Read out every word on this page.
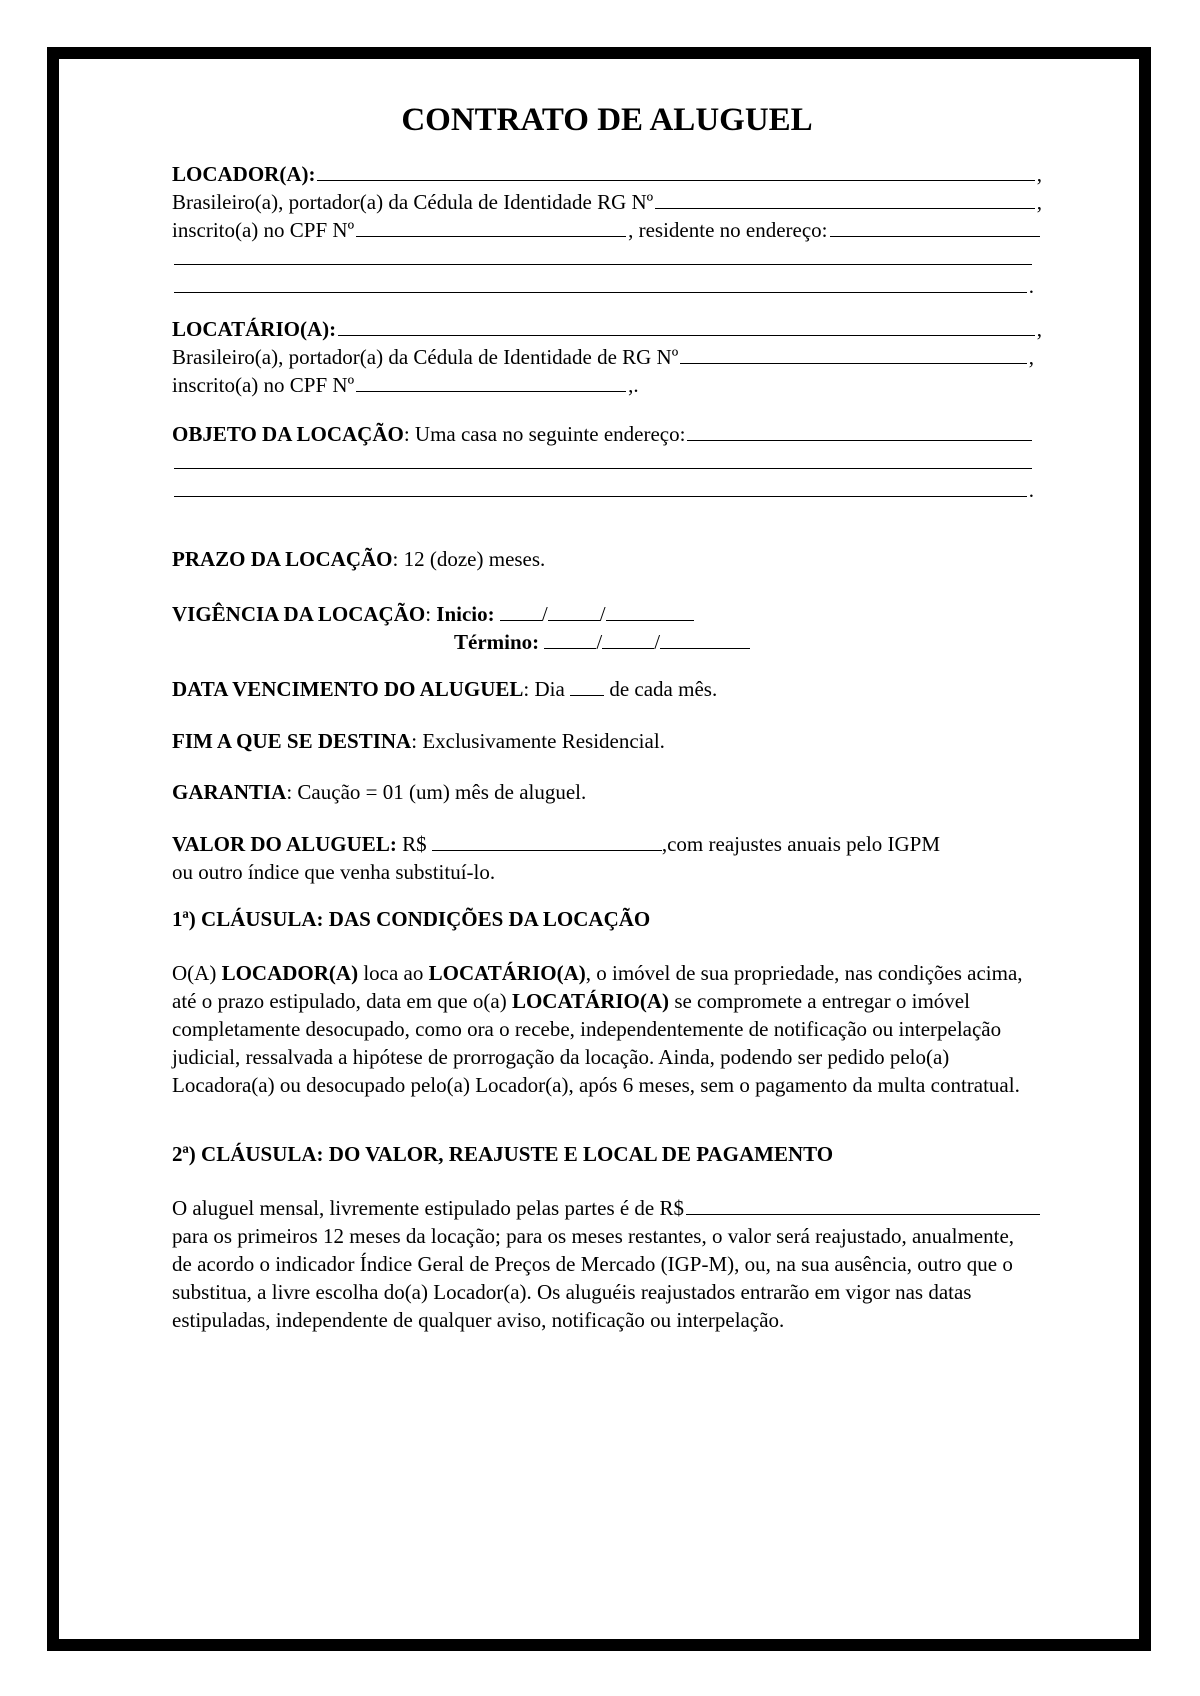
CONTRATO DE ALUGUEL
LOCADOR(A):	,
Brasileiro(a), portador(a) da Cédula de Identidade RG Nº	,
inscrito(a) no CPF Nº	, residente no endereço:
.
LOCATÁRIO(A):	,
Brasileiro(a), portador(a) da Cédula de Identidade de RG Nº	,
inscrito(a) no CPF Nº	,.
OBJETO DA LOCAÇÃO : Uma casa no seguinte endereço:
.
PRAZO DA LOCAÇÃO : 12 (doze) meses.
VIGÊNCIA DA LOCAÇÃO :
Inicio:
/ /
Término:
	/ /
DATA VENCIMENTO DO ALUGUEL : Dia

de cada mês.
FIM A QUE SE DESTINA : Exclusivamente Residencial.
GARANTIA : Caução = 01 (um) mês de aluguel.
VALOR DO ALUGUEL:
R$
	,com reajustes anuais pelo IGPM
ou outro índice que venha substituí-lo.
1ª) CLÁUSULA: DAS CONDIÇÕES DA LOCAÇÃO

O(A) LOCADOR(A) loca ao LOCATÁRIO(A), o imóvel de sua propriedade, nas condições acima, até o prazo estipulado, data em que o(a) LOCATÁRIO(A) se compromete a entregar o imóvel completamente desocupado, como ora o recebe, independentemente de notificação ou interpelação judicial, ressalvada a hipótese de prorrogação da locação. Ainda, podendo ser pedido pelo(a) Locadora(a) ou desocupado pelo(a) Locador(a), após 6 meses, sem o pagamento da multa contratual.

2ª) CLÁUSULA: DO VALOR, REAJUSTE E LOCAL DE PAGAMENTO
O aluguel mensal, livremente estipulado pelas partes é de R$

para os primeiros 12 meses da locação; para os meses restantes, o valor será reajustado, anualmente, de acordo o indicador Índice Geral de Preços de Mercado (IGP-M), ou, na sua ausência, outro que o substitua, a livre escolha do(a) Locador(a). Os aluguéis reajustados entrarão em vigor nas datas estipuladas, independente de qualquer aviso, notificação ou interpelação.
